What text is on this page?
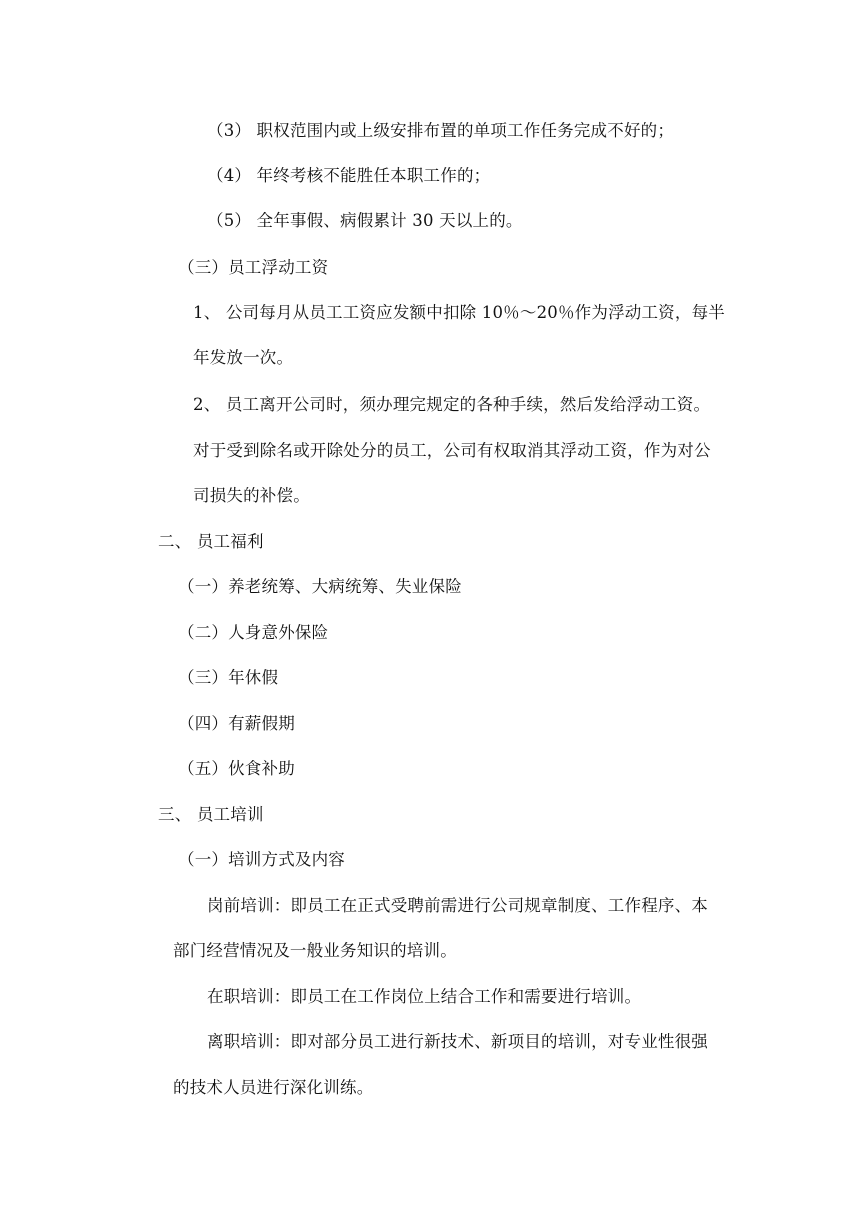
（3） 职权范围内或上级安排布置的单项工作任务完成不好的；
（4） 年终考核不能胜任本职工作的；
（5） 全年事假、病假累计 30 天以上的。
（三）员工浮动工资
1、 公司每月从员工工资应发额中扣除 10％～20％作为浮动工资，每半
年发放一次。
2、 员工离开公司时，须办理完规定的各种手续，然后发给浮动工资。
对于受到除名或开除处分的员工，公司有权取消其浮动工资，作为对公
司损失的补偿。
二、 员工福利
（一）养老统筹、大病统筹、失业保险
（二）人身意外保险
（三）年休假
（四）有薪假期
（五）伙食补助
三、 员工培训
（一）培训方式及内容
岗前培训：即员工在正式受聘前需进行公司规章制度、工作程序、本
部门经营情况及一般业务知识的培训。
在职培训：即员工在工作岗位上结合工作和需要进行培训。
离职培训：即对部分员工进行新技术、新项目的培训，对专业性很强
的技术人员进行深化训练。
